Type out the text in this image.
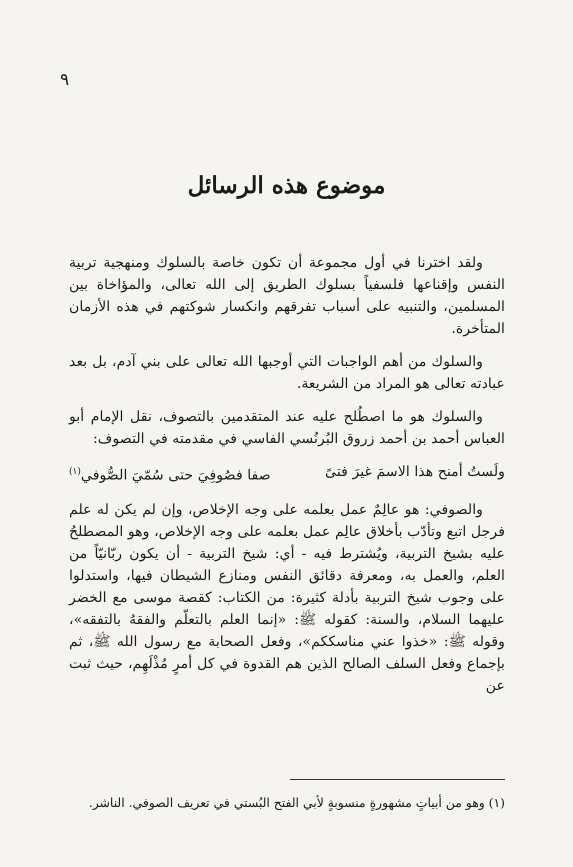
٩
موضوع هذه الرسائل

ولقد اخترنا في أول مجموعة أن تكون خاصة بالسلوك ومنهجية تربية النفس وإقناعها فلسفياً بسلوك الطريق إلى الله تعالى، والمؤاخاة بين المسلمين، والتنبيه على أسباب تفرقهم وانكسار شوكتهم في هذه الأزمان المتأخرة.

والسلوك من أهم الواجبات التي أوجبها الله تعالى على بني آدم، بل بعد عبادته تعالى هو المراد من الشريعة.

والسلوك هو ما اصطُلح عليه عند المتقدمين بالتصوف، نقل الإمام أبو العباس أحمد بن أحمد زروق البُرنُسي الفاسي في مقدمته في التصوف:

ولَستُ أمنح هذا الاسمَ غيرَ فتىً
صفا فصُوفِيَ حتى سُمّيَ الصُّوفي$^{(١)}$

والصوفي: هو عالِمٌ عمل بعلمه على وجه الإخلاص، وإن لم يكن له علم فرجل اتبع وتأدّب بأخلاق عالِم عمل بعلمه على وجه الإخلاص، وهو المصطلحُ عليه بشيخ التربية، ويُشترط فيه - أي: شيخ التربية - أن يكون ربّانيّاً من العلم، والعمل به، ومعرفة دقائق النفس ومنازع الشيطان فيها، واستدلوا على وجوب شيخ التربية بأدلة كثيرة: من الكتاب: كقصة موسى مع الخضر عليهما السلام، والسنة: كقوله ﷺ: «إنما العلم بالتعلّم والفقهُ بالتفقه»، وقوله ﷺ: «خذوا عني مناسككم»، وفعل الصحابة مع رسول الله ﷺ، ثم بإجماع وفعل السلف الصالح الذين هم القدوة في كل أمرٍ مُذْلَهِم، حيث ثبت عن

(١) وهو من أبياتٍ مشهورةٍ منسوبةٍ لأبي الفتح البُستي في تعريف الصوفي. الناشر.
